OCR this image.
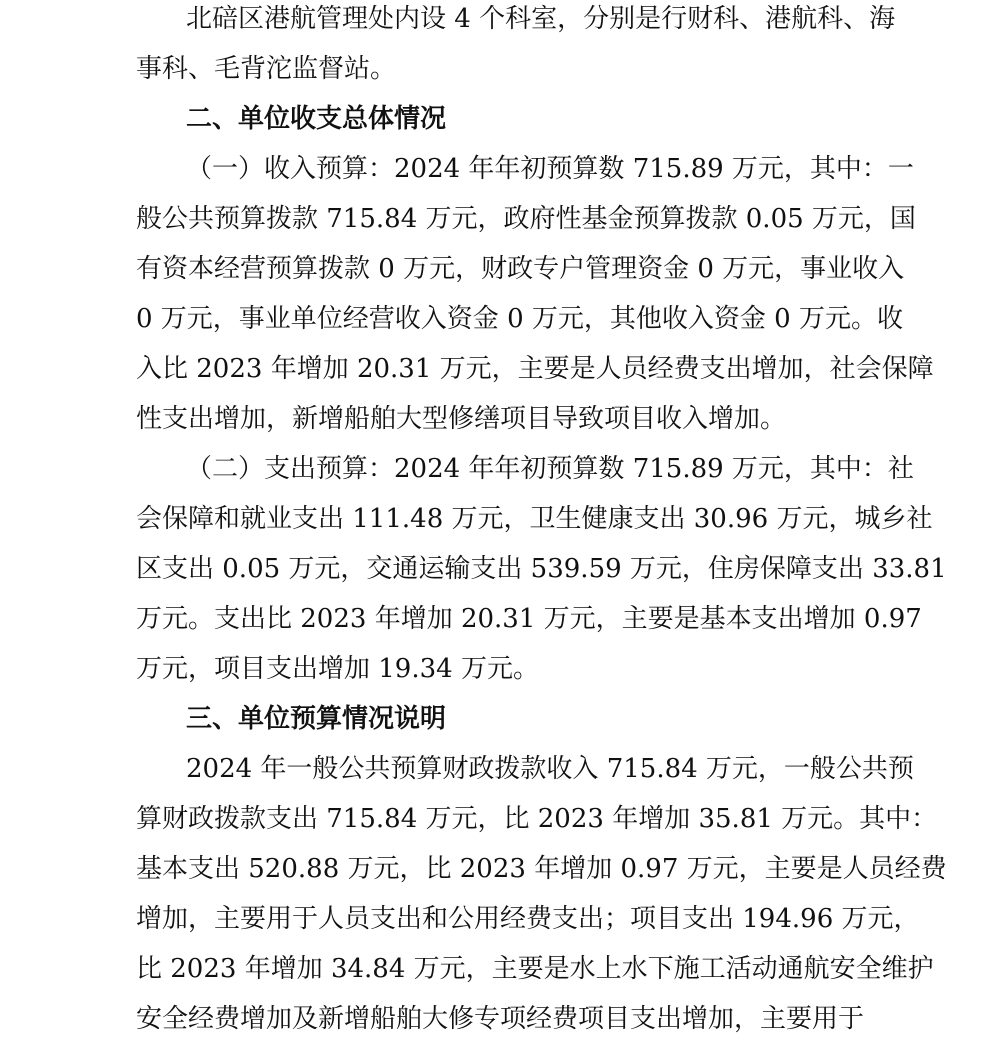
北碚区港航管理处内设 4 个科室，分别是行财科、港航科、海
事科、毛背沱监督站。
二、单位收支总体情况
（一）收入预算：2024 年年初预算数 715.89 万元，其中：一
般公共预算拨款 715.84 万元，政府性基金预算拨款 0.05 万元，国
有资本经营预算拨款 0 万元，财政专户管理资金 0 万元，事业收入
0 万元，事业单位经营收入资金 0 万元，其他收入资金 0 万元。收
入比 2023 年增加 20.31 万元，主要是人员经费支出增加，社会保障
性支出增加，新增船舶大型修缮项目导致项目收入增加。
（二）支出预算：2024 年年初预算数 715.89 万元，其中：社
会保障和就业支出 111.48 万元，卫生健康支出 30.96 万元，城乡社
区支出 0.05 万元，交通运输支出 539.59 万元，住房保障支出 33.81
万元。支出比 2023 年增加 20.31 万元，主要是基本支出增加 0.97
万元，项目支出增加 19.34 万元。
三、单位预算情况说明
2024 年一般公共预算财政拨款收入 715.84 万元，一般公共预
算财政拨款支出 715.84 万元，比 2023 年增加 35.81 万元。其中：
基本支出 520.88 万元，比 2023 年增加 0.97 万元，主要是人员经费
增加，主要用于人员支出和公用经费支出；项目支出 194.96 万元，
比 2023 年增加 34.84 万元，主要是水上水下施工活动通航安全维护
安全经费增加及新增船舶大修专项经费项目支出增加，主要用于
